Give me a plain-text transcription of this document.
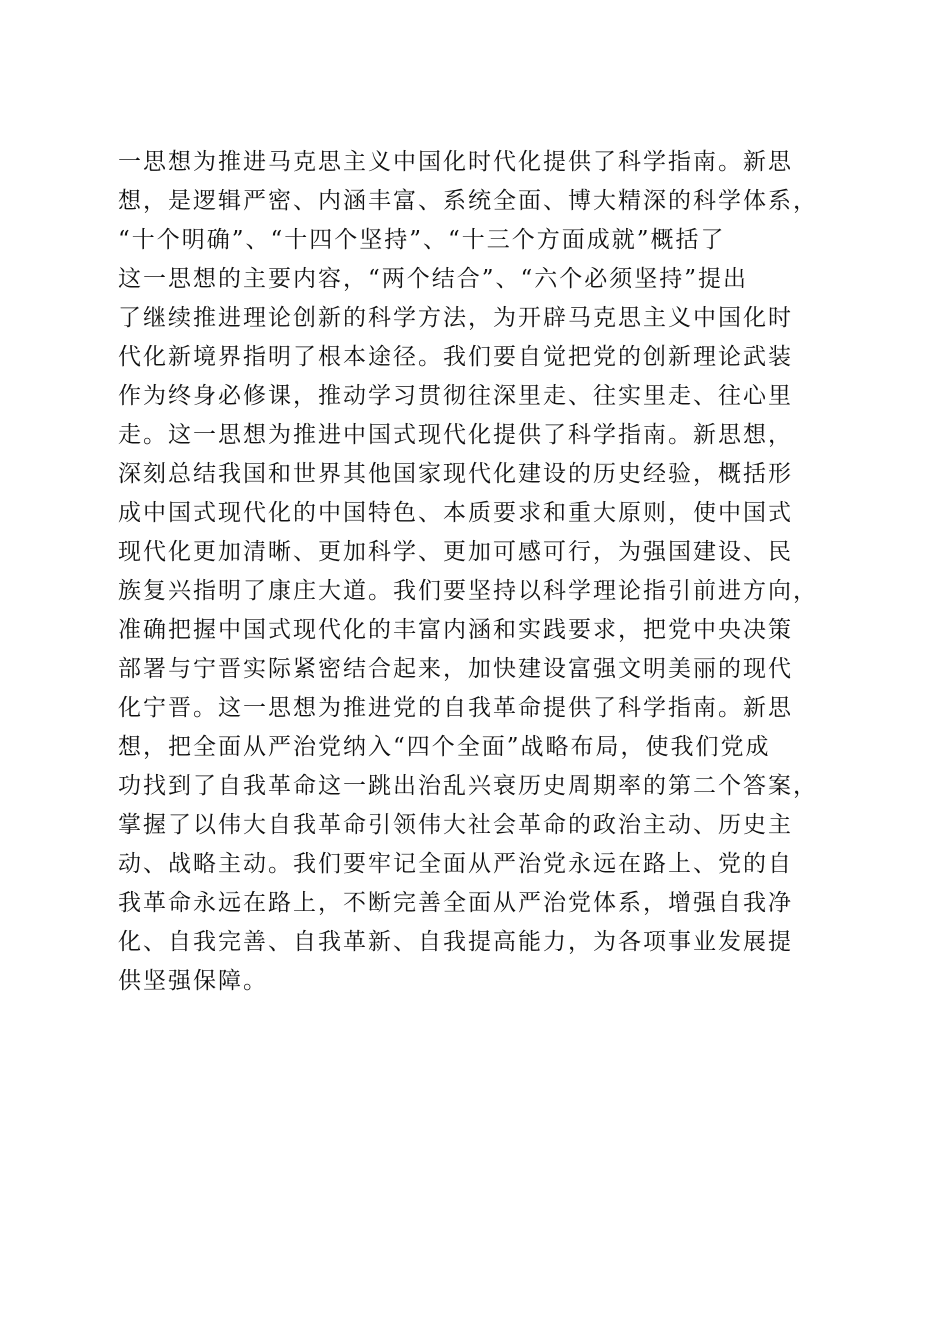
一思想为推进马克思主义中国化时代化提供了科学指南。新思
想，是逻辑严密、内涵丰富、系统全面、博大精深的科学体系，
“十个明确”、“十四个坚持”、“十三个方面成就”概括了
这一思想的主要内容，“两个结合”、“六个必须坚持”提出
了继续推进理论创新的科学方法，为开辟马克思主义中国化时
代化新境界指明了根本途径。我们要自觉把党的创新理论武装
作为终身必修课，推动学习贯彻往深里走、往实里走、往心里
走。这一思想为推进中国式现代化提供了科学指南。新思想，
深刻总结我国和世界其他国家现代化建设的历史经验，概括形
成中国式现代化的中国特色、本质要求和重大原则，使中国式
现代化更加清晰、更加科学、更加可感可行，为强国建设、民
族复兴指明了康庄大道。我们要坚持以科学理论指引前进方向，
准确把握中国式现代化的丰富内涵和实践要求，把党中央决策
部署与宁晋实际紧密结合起来，加快建设富强文明美丽的现代
化宁晋。这一思想为推进党的自我革命提供了科学指南。新思
想，把全面从严治党纳入“四个全面”战略布局，使我们党成
功找到了自我革命这一跳出治乱兴衰历史周期率的第二个答案，
掌握了以伟大自我革命引领伟大社会革命的政治主动、历史主
动、战略主动。我们要牢记全面从严治党永远在路上、党的自
我革命永远在路上，不断完善全面从严治党体系，增强自我净
化、自我完善、自我革新、自我提高能力，为各项事业发展提
供坚强保障。
